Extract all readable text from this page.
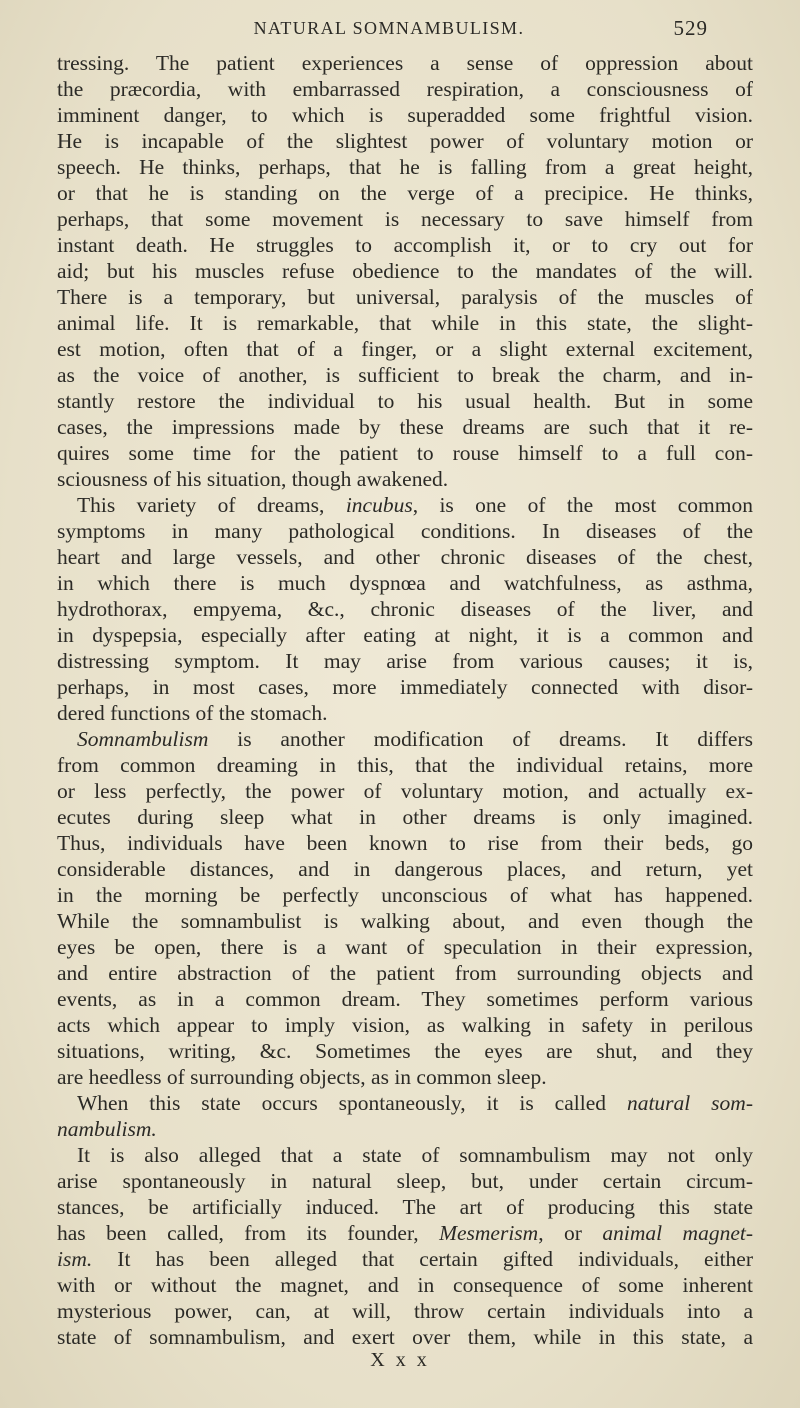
NATURAL SOMNAMBULISM.	529
tressing. The patient experiences a sense of oppression about
the præcordia, with embarrassed respiration, a consciousness of
imminent danger, to which is superadded some frightful vision.
He is incapable of the slightest power of voluntary motion or
speech. He thinks, perhaps, that he is falling from a great height,
or that he is standing on the verge of a precipice. He thinks,
perhaps, that some movement is necessary to save himself from
instant death. He struggles to accomplish it, or to cry out for
aid; but his muscles refuse obedience to the mandates of the will.
There is a temporary, but universal, paralysis of the muscles of
animal life. It is remarkable, that while in this state, the slight-
est motion, often that of a finger, or a slight external excitement,
as the voice of another, is sufficient to break the charm, and in-
stantly restore the individual to his usual health. But in some
cases, the impressions made by these dreams are such that it re-
quires some time for the patient to rouse himself to a full con-
sciousness of his situation, though awakened.
This variety of dreams, incubus, is one of the most common
symptoms in many pathological conditions. In diseases of the
heart and large vessels, and other chronic diseases of the chest,
in which there is much dyspnœa and watchfulness, as asthma,
hydrothorax, empyema, &c., chronic diseases of the liver, and
in dyspepsia, especially after eating at night, it is a common and
distressing symptom. It may arise from various causes; it is,
perhaps, in most cases, more immediately connected with disor-
dered functions of the stomach.
Somnambulism is another modification of dreams. It differs
from common dreaming in this, that the individual retains, more
or less perfectly, the power of voluntary motion, and actually ex-
ecutes during sleep what in other dreams is only imagined.
Thus, individuals have been known to rise from their beds, go
considerable distances, and in dangerous places, and return, yet
in the morning be perfectly unconscious of what has happened.
While the somnambulist is walking about, and even though the
eyes be open, there is a want of speculation in their expression,
and entire abstraction of the patient from surrounding objects and
events, as in a common dream. They sometimes perform various
acts which appear to imply vision, as walking in safety in perilous
situations, writing, &c. Sometimes the eyes are shut, and they
are heedless of surrounding objects, as in common sleep.
When this state occurs spontaneously, it is called natural som-
nambulism.
It is also alleged that a state of somnambulism may not only
arise spontaneously in natural sleep, but, under certain circum-
stances, be artificially induced. The art of producing this state
has been called, from its founder, Mesmerism, or animal magnet-
ism. It has been alleged that certain gifted individuals, either
with or without the magnet, and in consequence of some inherent
mysterious power, can, at will, throw certain individuals into a
state of somnambulism, and exert over them, while in this state, a
X x x
